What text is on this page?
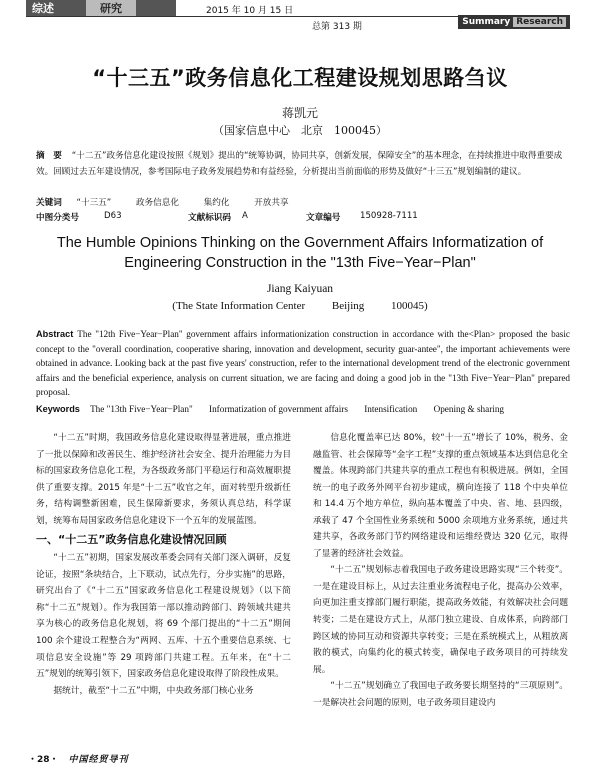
综述	研究	2015 年 10 月 15 日
总第 313 期	Summary Research
“十三五”政务信息化工程建设规划思路刍议
蒋凯元
（国家信息中心　北京　100045）
摘　要 “十二五”政务信息化建设按照《规划》提出的“统筹协调，协同共享，创新发展，保障安全”的基本理念，在持续推进中取得重要成效。回顾过去五年建设情况，参考国际电子政务发展趋势和有益经验，分析提出当前面临的形势及做好“十三五”规划编制的建议。
关键词 “十三五”	政务信息化	集约化	开放共享
中图分类号	D63	文献标识码 A	文章编号 150928-7111
The Humble Opinions Thinking on the Government Affairs Informatization of
Engineering Construction in the "13th Five−Year−Plan"
Jiang Kaiyuan
(The State Information Center Beijing 100045)
Abstract The "12th Five−Year−Plan" government affairs informationization construction in accordance with the<Plan> proposed the basic concept to the "overall coordination, cooperative sharing, innovation and development, security guar-antee", the important achievements were obtained in advance. Looking back at the past five years' construction, refer to the international development trend of the electronic government affairs and the beneficial experience, analysis on current situation, we are facing and doing a good job in the "13th Five−Year−Plan" prepared proposal.
Keywords The "13th Five−Year−Plan" Informatization of government affairs Intensification Opening & sharing

“十二五”时期，我国政务信息化建设取得显著进展，重点推进了一批以保障和改善民生、维护经济社会安全、提升治理能力为目标的国家政务信息化工程，为各级政务部门平稳运行和高效履职提供了重要支撑。2015 年是“十二五”收官之年，面对转型升级新任务，结构调整新困难，民生保障新要求，务须认真总结，科学谋划，统筹布局国家政务信息化建设下一个五年的发展蓝图。

一、“十二五”政务信息化建设情况回顾

“十二五”初期，国家发展改革委会同有关部门深入调研，反复论证，按照“条块结合，上下联动，试点先行，分步实施”的思路，研究出台了《“十二五”国家政务信息化工程建设规划》（以下简称“十二五”规划）。作为我国第一部以推动跨部门、跨领域共建共享为核心的政务信息化规划，将 69 个部门提出的“十二五”期间 100 余个建设工程整合为“两网、五库、十五个重要信息系统、七项信息安全设施”等 29 项跨部门共建工程。五年来，在“十二五”规划的统筹引领下，国家政务信息化建设取得了阶段性成果。

据统计，截至“十二五”中期，中央政务部门核心业务

信息化覆盖率已达 80%，较“十一五”增长了 10%，税务、金融监管、社会保障等“金字工程”支撑的重点领域基本达到信息化全覆盖。体现跨部门共建共享的重点工程也有积极进展。例如，全国统一的电子政务外网平台初步建成，横向连接了 118 个中央单位和 14.4 万个地方单位，纵向基本覆盖了中央、省、地、县四级，承载了 47 个全国性业务系统和 5000 余项地方业务系统，通过共建共享，各政务部门节约网络建设和运维经费达 320 亿元，取得了显著的经济社会效益。

“十二五”规划标志着我国电子政务建设思路实现“三个转变”。一是在建设目标上，从过去注重业务流程电子化，提高办公效率，向更加注重支撑部门履行职能，提高政务效能，有效解决社会问题转变；二是在建设方式上，从部门独立建设、自成体系，向跨部门跨区域的协同互动和资源共享转变；三是在系统模式上，从粗放离散的模式，向集约化的模式转变，确保电子政务项目的可持续发展。

“十二五”规划确立了我国电子政务要长期坚持的“三项原则”。一是解决社会问题的原则，电子政务项目建设内

・28・ 中国经贸导刊
